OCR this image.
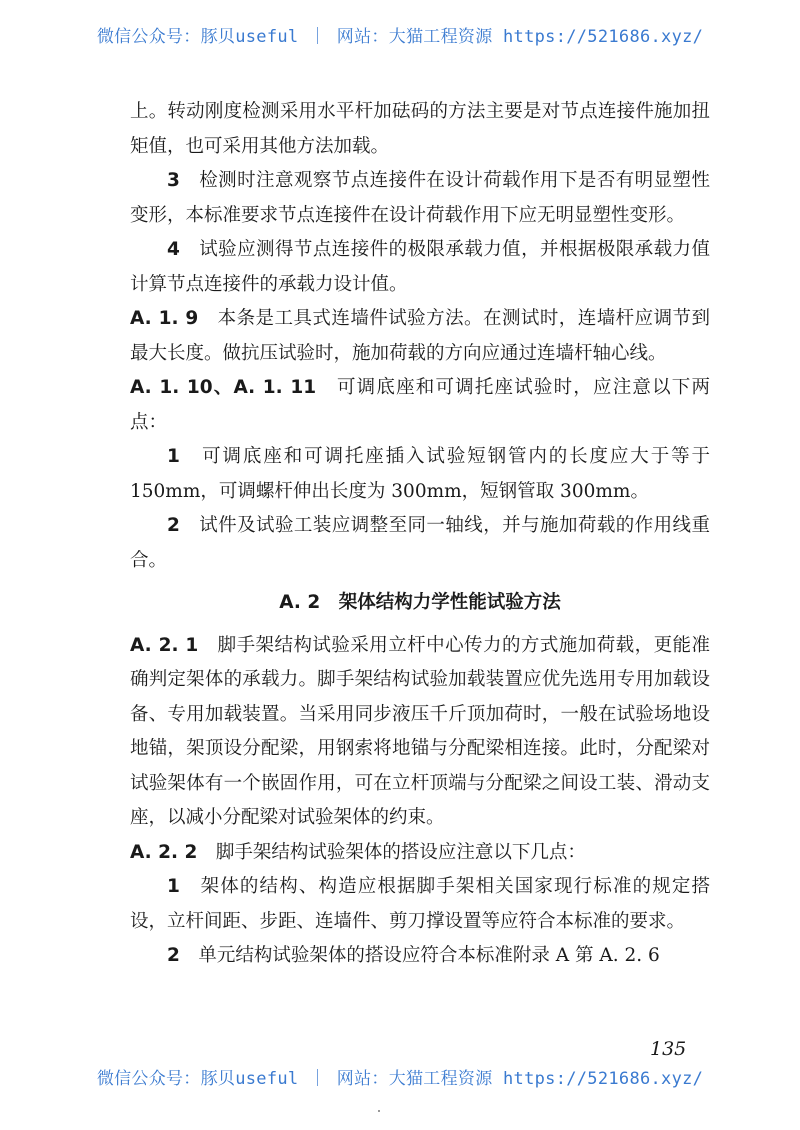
微信公众号：豚贝useful ｜ 网站：大猫工程资源 https://521686.xyz/

上。转动刚度检测采用水平杆加砝码的方法主要是对节点连接件施加扭矩值，也可采用其他方法加载。

3　 检测时注意观察节点连接件在设计荷载作用下是否有明显塑性变形，本标准要求节点连接件在设计荷载作用下应无明显塑性变形。

4　 试验应测得节点连接件的极限承载力值，并根据极限承载力值计算节点连接件的承载力设计值。

A. 1. 9　 本条是工具式连墙件试验方法。在测试时，连墙杆应调节到最大长度。做抗压试验时，施加荷载的方向应通过连墙杆轴心线。

A. 1. 10、A. 1. 11　 可调底座和可调托座试验时，应注意以下两点：

1　 可调底座和可调托座插入试验短钢管内的长度应大于等于 150mm，可调螺杆伸出长度为 300mm，短钢管取 300mm。

2　 试件及试验工装应调整至同一轴线，并与施加荷载的作用线重合。

A. 2　架体结构力学性能试验方法

A. 2. 1　 脚手架结构试验采用立杆中心传力的方式施加荷载，更能准确判定架体的承载力。脚手架结构试验加载装置应优先选用专用加载设备、专用加载装置。当采用同步液压千斤顶加荷时，一般在试验场地设地锚，架顶设分配梁，用钢索将地锚与分配梁相连接。此时，分配梁对试验架体有一个嵌固作用，可在立杆顶端与分配梁之间设工装、滑动支座，以减小分配梁对试验架体的约束。

A. 2. 2　 脚手架结构试验架体的搭设应注意以下几点：

1　 架体的结构、构造应根据脚手架相关国家现行标准的规定搭设，立杆间距、步距、连墙件、剪刀撑设置等应符合本标准的要求。

2　 单元结构试验架体的搭设应符合本标准附录 A 第 A. 2. 6

135
微信公众号：豚贝useful ｜ 网站：大猫工程资源 https://521686.xyz/
